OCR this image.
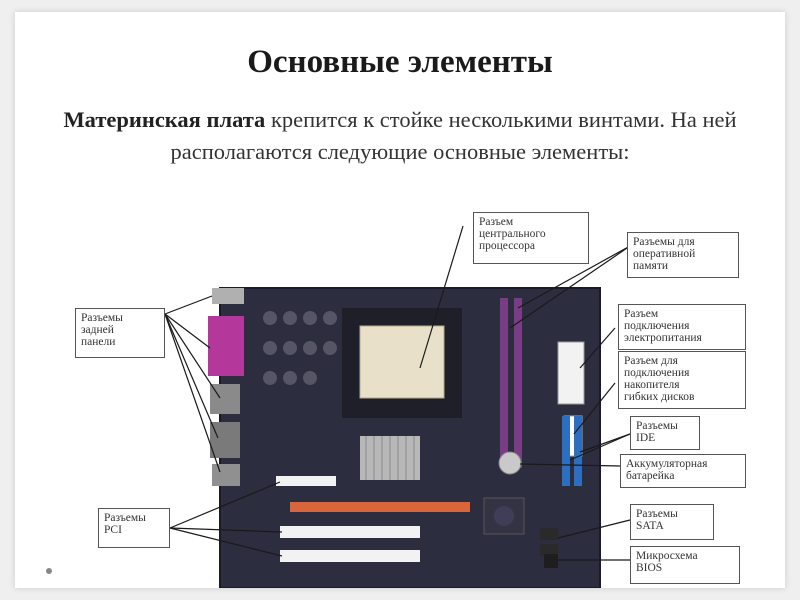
Основные элементы
Материнская плата крепится к стойке несколькими винтами. На ней располагаются следующие основные элементы:
Разъем
центрального
процессора	Разъемы для
оперативной
памяти
Разъемы
задней
панели
Разъем
подключения
электропитания
Разъем для
подключения
накопителя
гибких дисков
Разъемы
IDE
Аккумуляторная
батарейка
Разъемы
PCI
Разъемы
SATA
Микросхема
BIOS
